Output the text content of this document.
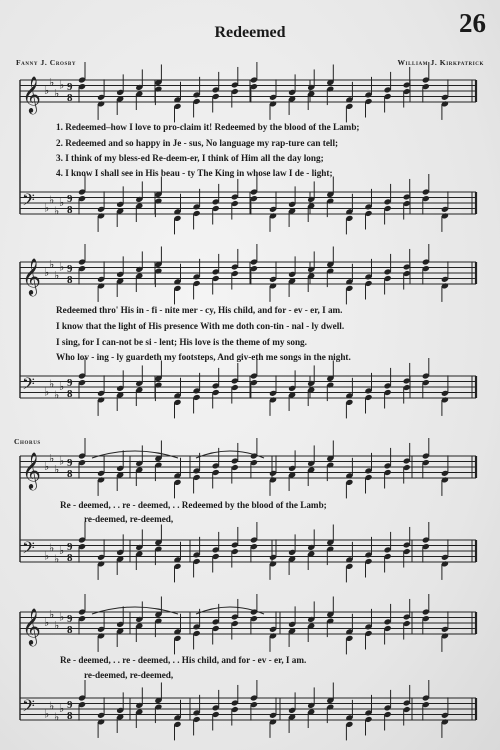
26
Redeemed
Fanny J. Crosby	William J. Kirkpatrick
𝄞 ♭
♭
♭
♭ 9
8
𝄢 ♭
♭
♭
♭ 9
8
𝄞 ♭
♭
♭
♭ 9
8
𝄢 ♭
♭
♭
♭ 9
8
𝄞 ♭
♭
♭
♭ 9
8
𝄢 ♭
♭
♭
♭ 9
8
𝄞 ♭
♭
♭
♭ 9
8
𝄢 ♭
♭
♭
♭ 9
8
1. Redeemed–how I love to pro-claim it! Redeemed by the blood of the Lamb;
2. Redeemed and so happy in Je - sus, No language my rap-ture can tell;
3. I think of my bless-ed Re-deem-er, I think of Him all the day long;
4. I know I shall see in His beau - ty The King in whose law I de - light;
Redeemed thro' His in - fi - nite mer - cy, His child, and for - ev - er, I am.
I know that the light of His presence With me doth con-tin - nal - ly dwell.
I sing, for I can-not be si - lent; His love is the theme of my song.
Who lov - ing - ly guardeth my footsteps, And giv-eth me songs in the night.
Chorus
Re - deemed, . . re - deemed, . . Redeemed by the blood of the Lamb;
re-deemed, re-deemed,
Re - deemed, . . re - deemed, . . His child, and for - ev - er, I am.
re-deemed, re-deemed,
